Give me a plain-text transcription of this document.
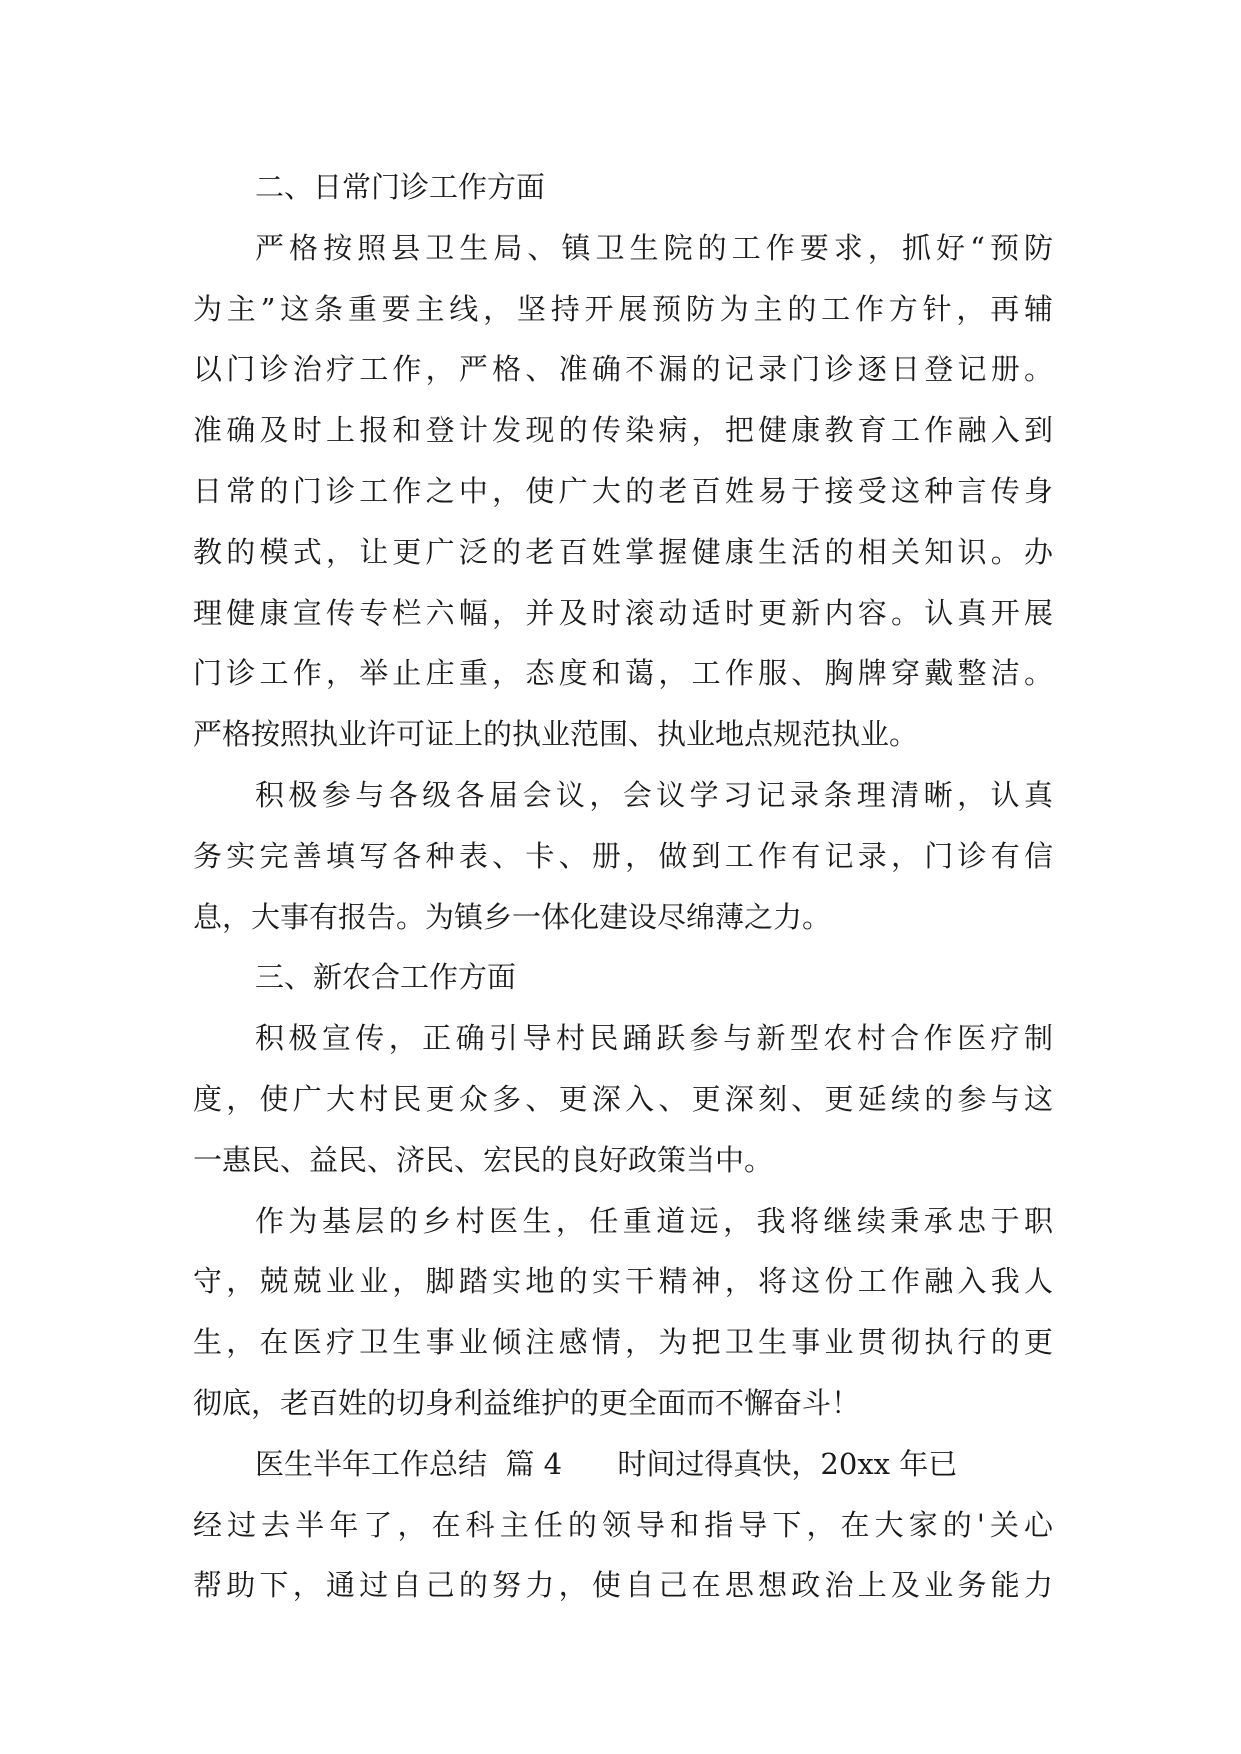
二、日常门诊工作方面
严格按照县卫生局、镇卫生院的工作要求，抓好“预防
为主”这条重要主线，坚持开展预防为主的工作方针，再辅
以门诊治疗工作，严格、准确不漏的记录门诊逐日登记册。
准确及时上报和登计发现的传染病，把健康教育工作融入到
日常的门诊工作之中，使广大的老百姓易于接受这种言传身
教的模式，让更广泛的老百姓掌握健康生活的相关知识。办
理健康宣传专栏六幅，并及时滚动适时更新内容。认真开展
门诊工作，举止庄重，态度和蔼，工作服、胸牌穿戴整洁。
严格按照执业许可证上的执业范围、执业地点规范执业。
积极参与各级各届会议，会议学习记录条理清晰，认真
务实完善填写各种表、卡、册，做到工作有记录，门诊有信
息，大事有报告。为镇乡一体化建设尽绵薄之力。
三、新农合工作方面
积极宣传，正确引导村民踊跃参与新型农村合作医疗制
度，使广大村民更众多、更深入、更深刻、更延续的参与这
一惠民、益民、济民、宏民的良好政策当中。
作为基层的乡村医生，任重道远，我将继续秉承忠于职
守，兢兢业业，脚踏实地的实干精神，将这份工作融入我人
生，在医疗卫生事业倾注感情，为把卫生事业贯彻执行的更
彻底，老百姓的切身利益维护的更全面而不懈奋斗！
医生半年工作总结  篇 4      时间过得真快，20xx 年已
经过去半年了，在科主任的领导和指导下，在大家的'关心
帮助下，通过自己的努力，使自己在思想政治上及业务能力
